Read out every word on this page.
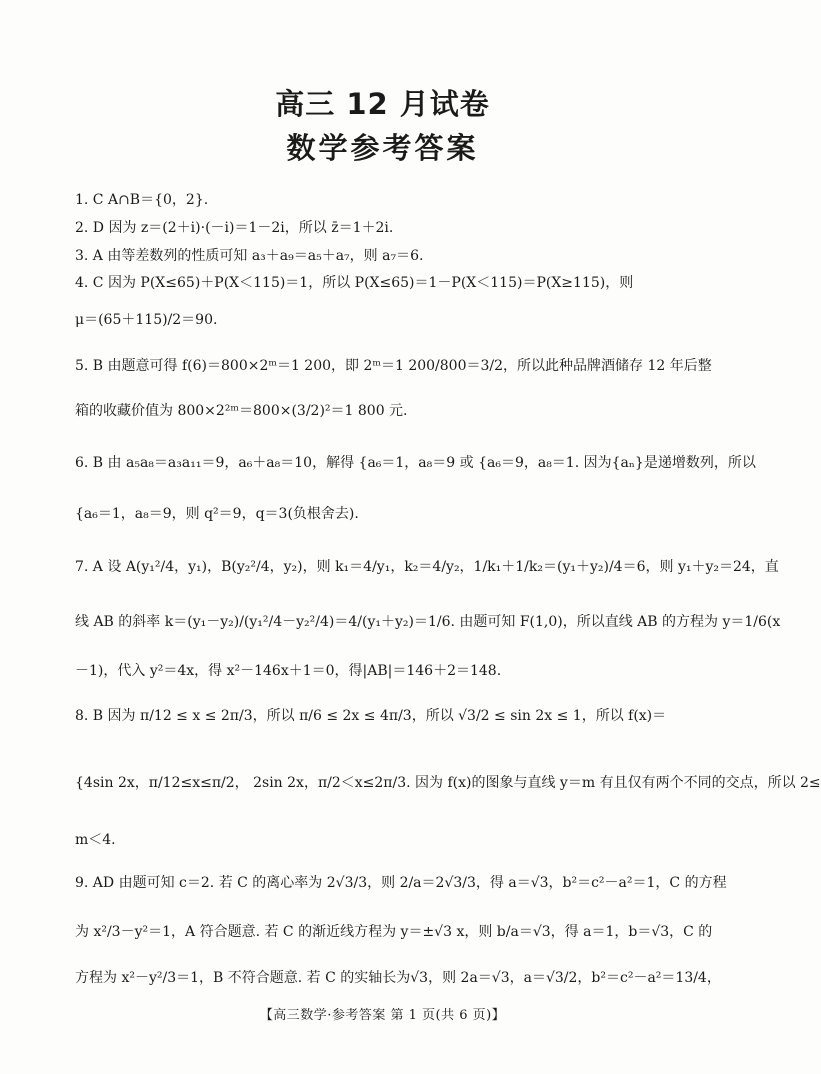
高三 12 月试卷
数学参考答案
1. C A∩B＝{0，2}.
2. D 因为 z＝(2＋i)·(－i)＝1－2i，所以 z̄＝1＋2i.
3. A 由等差数列的性质可知 a₃＋a₉＝a₅＋a₇，则 a₇＝6.
4. C 因为 P(X≤65)＋P(X＜115)＝1，所以 P(X≤65)＝1－P(X＜115)＝P(X≥115)，则
μ＝(65＋115)/2＝90.
5. B 由题意可得 f(6)＝800×2ᵐ＝1 200，即 2ᵐ＝1 200/800＝3/2，所以此种品牌酒储存 12 年后整
箱的收藏价值为 800×2²ᵐ＝800×(3/2)²＝1 800 元.
6. B 由 a₅a₈＝a₃a₁₁＝9，a₆＋a₈＝10，解得 {a₆＝1，a₈＝9 或 {a₆＝9，a₈＝1. 因为{aₙ}是递增数列，所以
{a₆＝1，a₈＝9，则 q²＝9，q＝3(负根舍去).
7. A 设 A(y₁²/4，y₁)，B(y₂²/4，y₂)，则 k₁＝4/y₁，k₂＝4/y₂，1/k₁＋1/k₂＝(y₁＋y₂)/4＝6，则 y₁＋y₂＝24，直
线 AB 的斜率 k＝(y₁－y₂)/(y₁²/4－y₂²/4)＝4/(y₁＋y₂)＝1/6. 由题可知 F(1,0)，所以直线 AB 的方程为 y＝1/6(x
－1)，代入 y²＝4x，得 x²－146x＋1＝0，得|AB|＝146＋2＝148.
8. B 因为 π/12 ≤ x ≤ 2π/3，所以 π/6 ≤ 2x ≤ 4π/3，所以 √3/2 ≤ sin 2x ≤ 1，所以 f(x)＝
{4sin 2x，π/12≤x≤π/2， 2sin 2x，π/2＜x≤2π/3. 因为 f(x)的图象与直线 y＝m 有且仅有两个不同的交点，所以 2≤
m＜4.
9. AD 由题可知 c＝2. 若 C 的离心率为 2√3/3，则 2/a＝2√3/3，得 a＝√3，b²＝c²－a²＝1，C 的方程
为 x²/3－y²＝1，A 符合题意. 若 C 的渐近线方程为 y＝±√3 x，则 b/a＝√3，得 a＝1，b＝√3，C 的
方程为 x²－y²/3＝1，B 不符合题意. 若 C 的实轴长为√3，则 2a＝√3，a＝√3/2，b²＝c²－a²＝13/4，
【高三数学·参考答案 第 1 页(共 6 页)】
